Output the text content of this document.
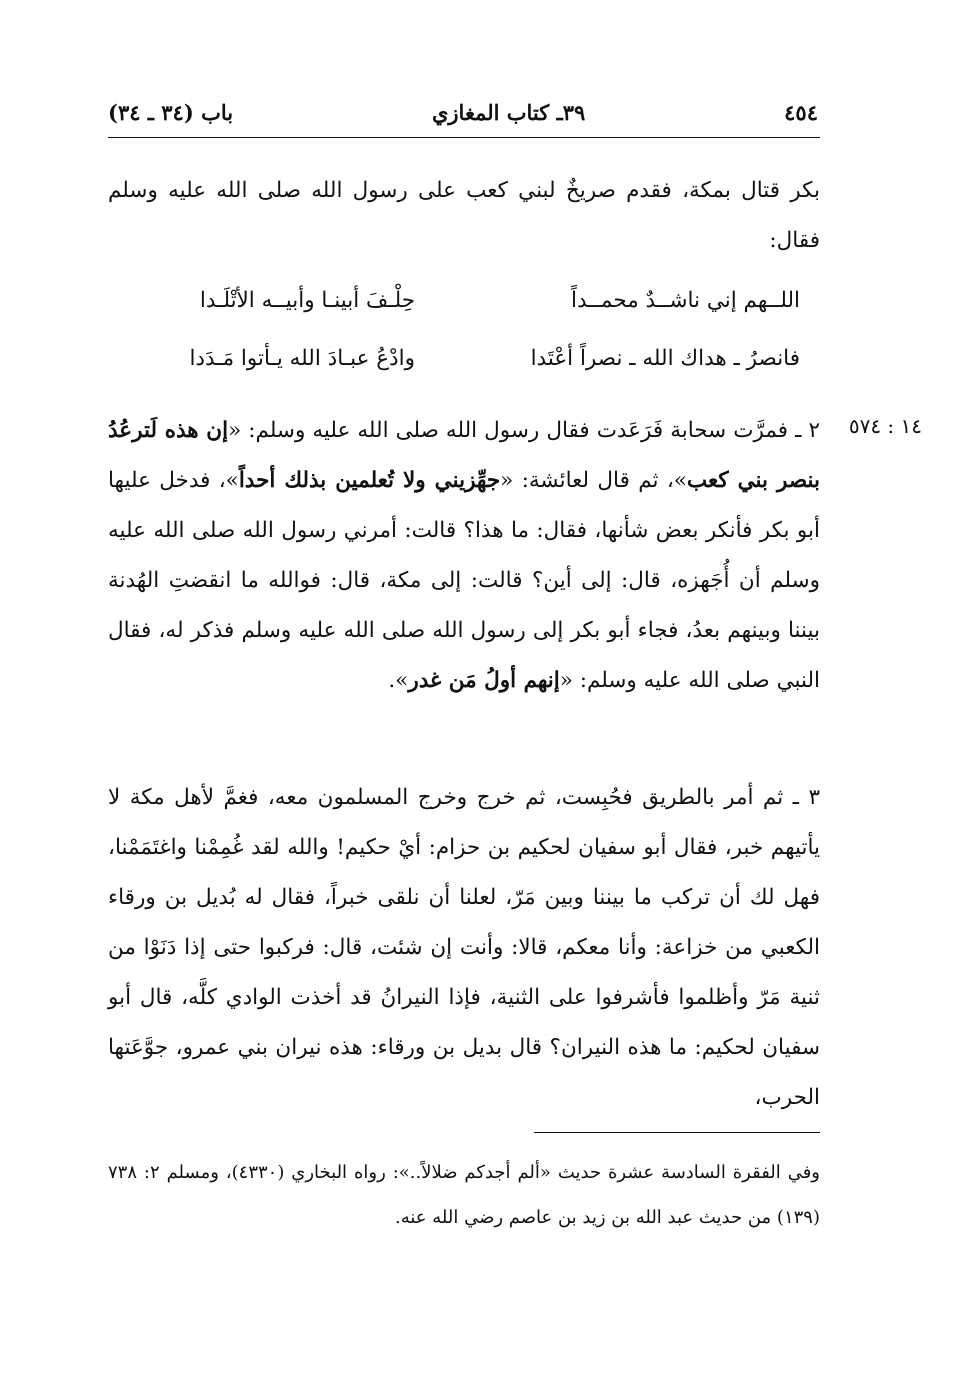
باب (٣٤ ـ ٣٤)	٣٩ـ كتاب المغازي	٤٥٤
بكر قتال بمكة، فقدم صريخٌ لبني كعب على رسول الله صلى الله عليه وسلم فقال:
اللــهم إني ناشــدٌ محمــداً
حِلْـفَ أبينـا وأبيــه الأتْلَـدا
فانصرُ ـ هداك الله ـ نصراً أعْتَدا
وادْعُ عبـادَ الله يـأتوا مَـدَدا
١٤ : ٥٧٤
٢ ـ فمرَّت سحابة فَرَعَدت فقال رسول الله صلى الله عليه وسلم: «إن هذه لَترعُدُ بنصر بني كعب»، ثم قال لعائشة: «جهِّزيني ولا تُعلمين بذلك أحداً»، فدخل عليها أبو بكر فأنكر بعض شأنها، فقال: ما هذا؟ قالت: أمرني رسول الله صلى الله عليه وسلم أن أُجَهزه، قال: إلى أين؟ قالت: إلى مكة، قال: فوالله ما انقضتِ الهُدنة بيننا وبينهم بعدُ، فجاء أبو بكر إلى رسول الله صلى الله عليه وسلم فذكر له، فقال النبي صلى الله عليه وسلم: «إنهم أولُ مَن غدر».
٣ ـ ثم أمر بالطريق فحُبِست، ثم خرج وخرج المسلمون معه، فغمَّ لأهل مكة لا يأتيهم خبر، فقال أبو سفيان لحكيم بن حزام: أيْ حكيم! والله لقد غُمِمْنا واغتَمَمْنا، فهل لك أن تركب ما بيننا وبين مَرّ، لعلنا أن نلقى خبراً، فقال له بُديل بن ورقاء الكعبي من خزاعة: وأنا معكم، قالا: وأنت إن شئت، قال: فركبوا حتى إذا دَنَوْا من ثنية مَرّ وأظلموا فأشرفوا على الثنية، فإذا النيرانُ قد أخذت الوادي كلَّه، قال أبو سفيان لحكيم: ما هذه النيران؟ قال بديل بن ورقاء: هذه نيران بني عمرو، جوَّعَتها الحرب،
وفي الفقرة السادسة عشرة حديث «ألم أجدكم ضلالاً..»: رواه البخاري (٤٣٣٠)، ومسلم ٢: ٧٣٨ (١٣٩) من حديث عبد الله بن زيد بن عاصم رضي الله عنه.
